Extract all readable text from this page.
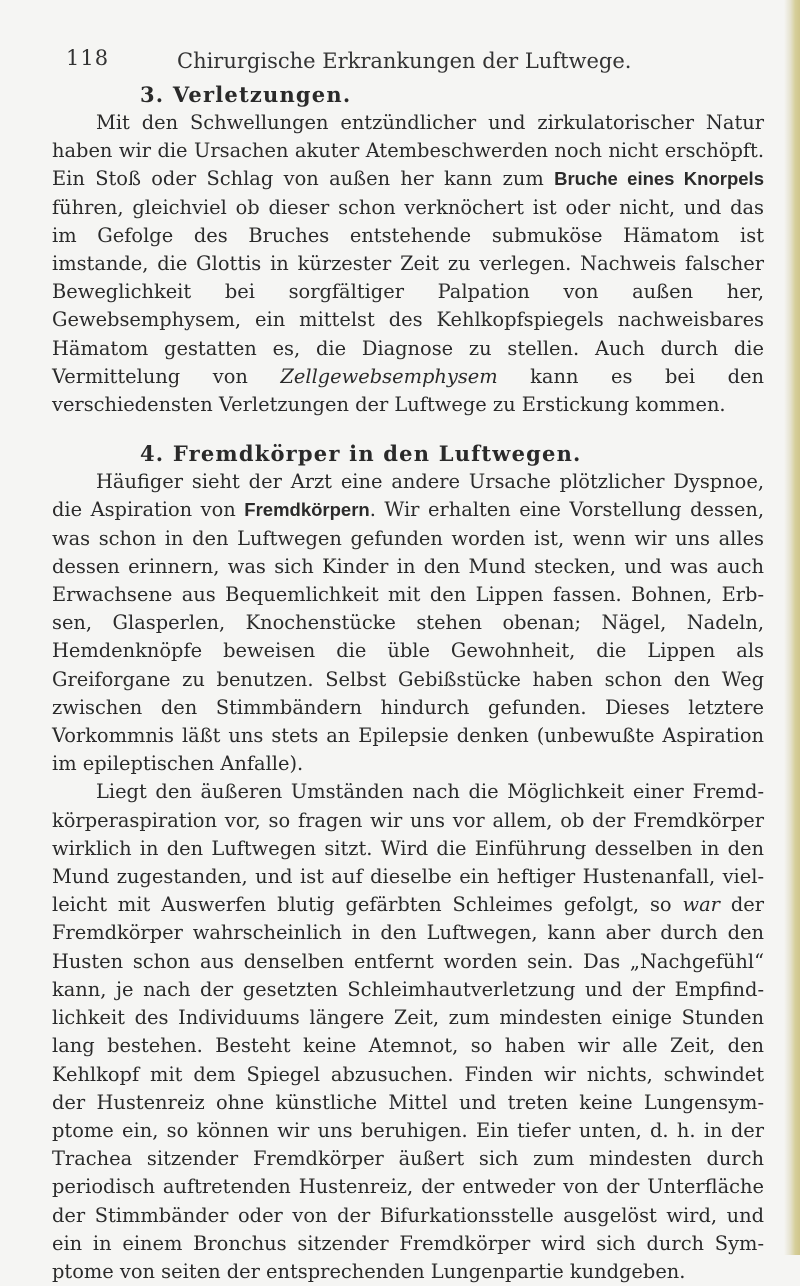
118	Chirurgische Erkrankungen der Luftwege.
3. Verletzungen.

Mit den Schwellungen entzündlicher und zirkulatorischer Natur haben wir die Ursachen akuter Atembeschwerden noch nicht erschöpft. Ein Stoß oder Schlag von außen her kann zum Bruche eines Knorpels führen, gleichviel ob dieser schon verknöchert ist oder nicht, und das im Gefolge des Bruches entstehende submuköse Hämatom ist imstande, die Glottis in kürzester Zeit zu verlegen. Nachweis falscher Beweglichkeit bei sorgfältiger Palpation von außen her, Gewebsemphysem, ein mittelst des Kehlkopfspiegels nachweisbares Hämatom gestatten es, die Diagnose zu stellen. Auch durch die Vermittelung von Zellgewebsemphysem kann es bei den verschiedensten Verletzungen der Luftwege zu Erstickung kommen.

4. Fremdkörper in den Luftwegen.

Häufiger sieht der Arzt eine andere Ursache plötzlicher Dyspnoe, die Aspiration von Fremdkörpern. Wir erhalten eine Vorstellung dessen, was schon in den Luftwegen gefunden worden ist, wenn wir uns alles dessen erinnern, was sich Kinder in den Mund stecken, und was auch Erwachsene aus Bequemlichkeit mit den Lippen fassen. Bohnen, Erbsen, Glasperlen, Knochenstücke stehen obenan; Nägel, Nadeln, Hemdenknöpfe beweisen die üble Gewohnheit, die Lippen als Greiforgane zu benutzen. Selbst Gebißstücke haben schon den Weg zwischen den Stimmbändern hindurch gefunden. Dieses letztere Vorkommnis läßt uns stets an Epilepsie denken (unbewußte Aspiration im epileptischen Anfalle).

Liegt den äußeren Umständen nach die Möglichkeit einer Fremdkörperaspiration vor, so fragen wir uns vor allem, ob der Fremdkörper wirklich in den Luftwegen sitzt. Wird die Einführung desselben in den Mund zugestanden, und ist auf dieselbe ein heftiger Hustenanfall, vielleicht mit Auswerfen blutig gefärbten Schleimes gefolgt, so war der Fremdkörper wahrscheinlich in den Luftwegen, kann aber durch den Husten schon aus denselben entfernt worden sein. Das „Nachgefühl“ kann, je nach der gesetzten Schleimhautverletzung und der Empfindlichkeit des Individuums längere Zeit, zum mindesten einige Stunden lang bestehen. Besteht keine Atemnot, so haben wir alle Zeit, den Kehlkopf mit dem Spiegel abzusuchen. Finden wir nichts, schwindet der Hustenreiz ohne künstliche Mittel und treten keine Lungensymptome ein, so können wir uns beruhigen. Ein tiefer unten, d. h. in der Trachea sitzender Fremdkörper äußert sich zum mindesten durch periodisch auftretenden Hustenreiz, der entweder von der Unterfläche der Stimmbänder oder von der Bifurkationsstelle ausgelöst wird, und ein in einem Bronchus sitzender Fremdkörper wird sich durch Symptome von seiten der entsprechenden Lungenpartie kundgeben.
